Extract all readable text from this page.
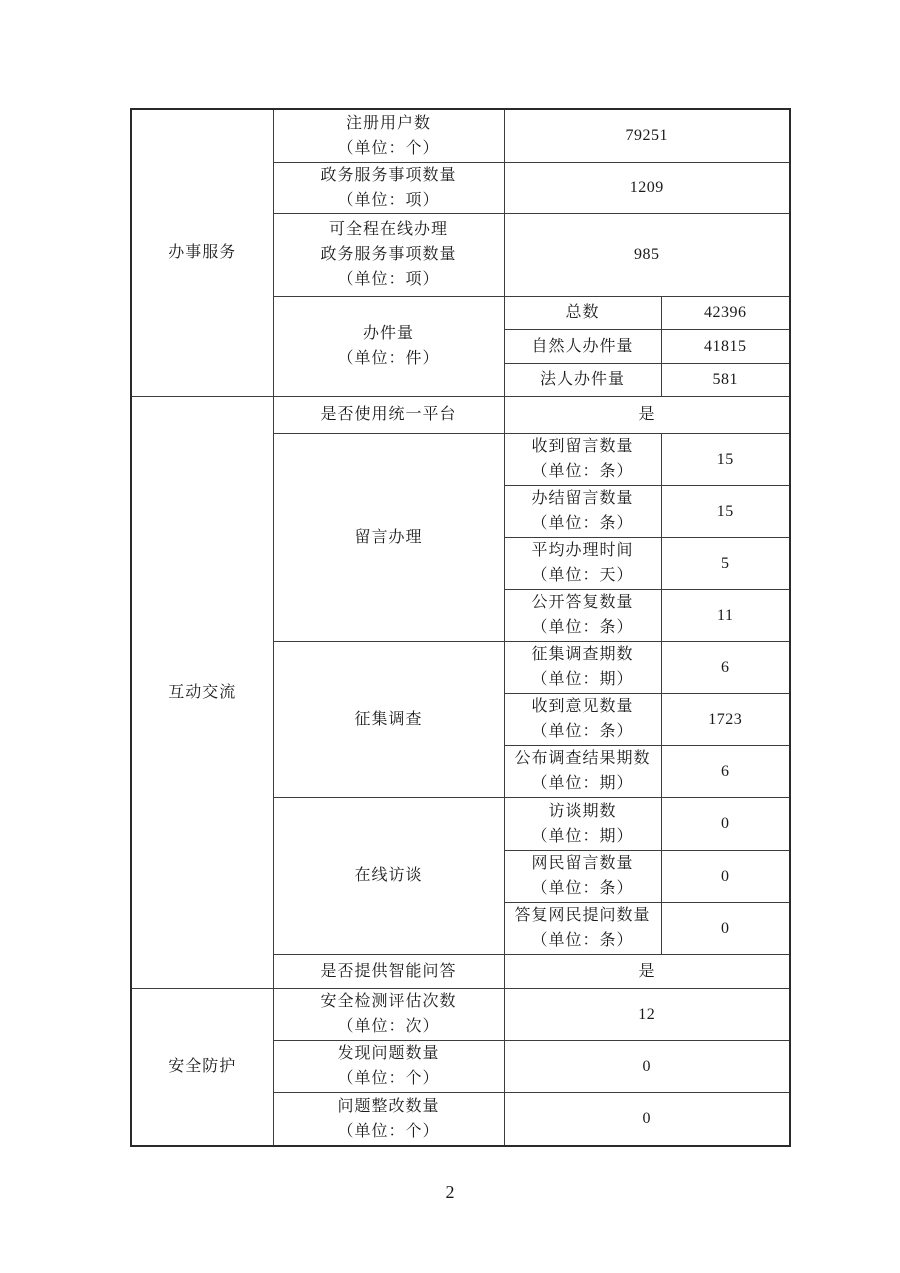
办事服务	注册用户数
（单位：个）	79251	

	政务服务事项数量
（单位：项）	1209	

	可全程在线办理
政务服务事项数量
（单位：项）	985	

	办件量
（单位：件）	总数	42396
		自然人办件量	41815
		法人办件量	581
互动交流	是否使用统一平台	是	
	留言办理	收到留言数量
（单位：条）	15

		办结留言数量
（单位：条）	15

		平均办理时间
（单位：天）	5

		公开答复数量
（单位：条）	11
	征集调查	征集调查期数
（单位：期）	6

		收到意见数量
（单位：条）	1723

		公布调查结果期数
（单位：期）	6
	在线访谈	访谈期数
（单位：期）	0

		网民留言数量
（单位：条）	0

		答复网民提问数量
（单位：条）	0
	是否提供智能问答	是	
安全防护	安全检测评估次数
（单位：次）	12	

	发现问题数量
（单位：个）	0	

	问题整改数量
（单位：个）	0	
2
